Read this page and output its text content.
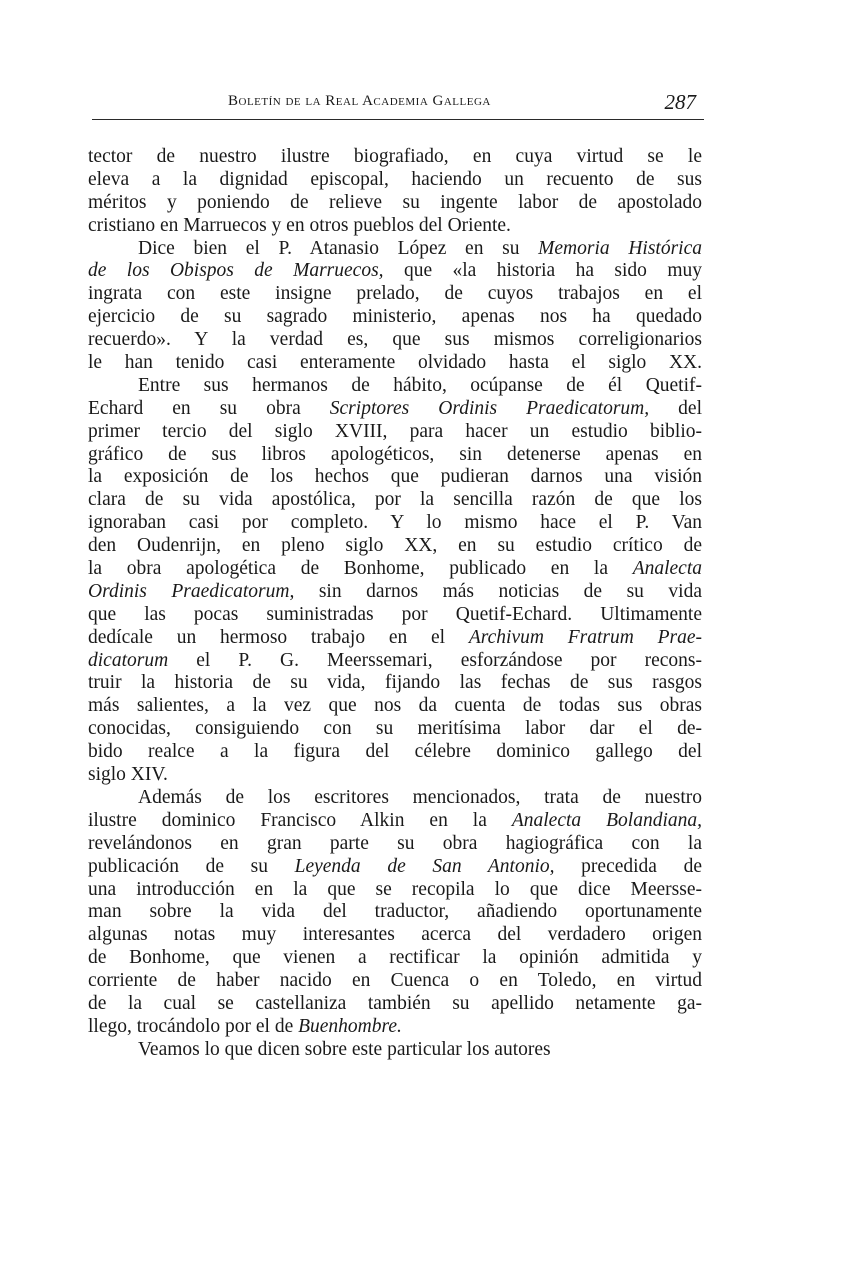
Boletín de la Real Academia Gallega	287
tector de nuestro ilustre biografiado, en cuya virtud se le
eleva a la dignidad episcopal, haciendo un recuento de sus
méritos y poniendo de relieve su ingente labor de apostolado
cristiano en Marruecos y en otros pueblos del Oriente.
Dice bien el P. Atanasio López en su Memoria Histórica
de los Obispos de Marruecos, que «la historia ha sido muy
ingrata con este insigne prelado, de cuyos trabajos en el
ejercicio de su sagrado ministerio, apenas nos ha quedado
recuerdo». Y la verdad es, que sus mismos correligionarios
le han tenido casi enteramente olvidado hasta el siglo XX.
Entre sus hermanos de hábito, ocúpanse de él Quetif-
Echard en su obra Scriptores Ordinis Praedicatorum, del
primer tercio del siglo XVIII, para hacer un estudio biblio-
gráfico de sus libros apologéticos, sin detenerse apenas en
la exposición de los hechos que pudieran darnos una visión
clara de su vida apostólica, por la sencilla razón de que los
ignoraban casi por completo. Y lo mismo hace el P. Van
den Oudenrijn, en pleno siglo XX, en su estudio crítico de
la obra apologética de Bonhome, publicado en la Analecta
Ordinis Praedicatorum, sin darnos más noticias de su vida
que las pocas suministradas por Quetif-Echard. Ultimamente
dedícale un hermoso trabajo en el Archivum Fratrum Prae-
dicatorum el P. G. Meerssemari, esforzándose por recons-
truir la historia de su vida, fijando las fechas de sus rasgos
más salientes, a la vez que nos da cuenta de todas sus obras
conocidas, consiguiendo con su meritísima labor dar el de-
bido realce a la figura del célebre dominico gallego del
siglo XIV.
Además de los escritores mencionados, trata de nuestro
ilustre dominico Francisco Alkin en la Analecta Bolandiana,
revelándonos en gran parte su obra hagiográfica con la
publicación de su Leyenda de San Antonio, precedida de
una introducción en la que se recopila lo que dice Meersse-
man sobre la vida del traductor, añadiendo oportunamente
algunas notas muy interesantes acerca del verdadero origen
de Bonhome, que vienen a rectificar la opinión admitida y
corriente de haber nacido en Cuenca o en Toledo, en virtud
de la cual se castellaniza también su apellido netamente ga-
llego, trocándolo por el de Buenhombre.
Veamos lo que dicen sobre este particular los autores
